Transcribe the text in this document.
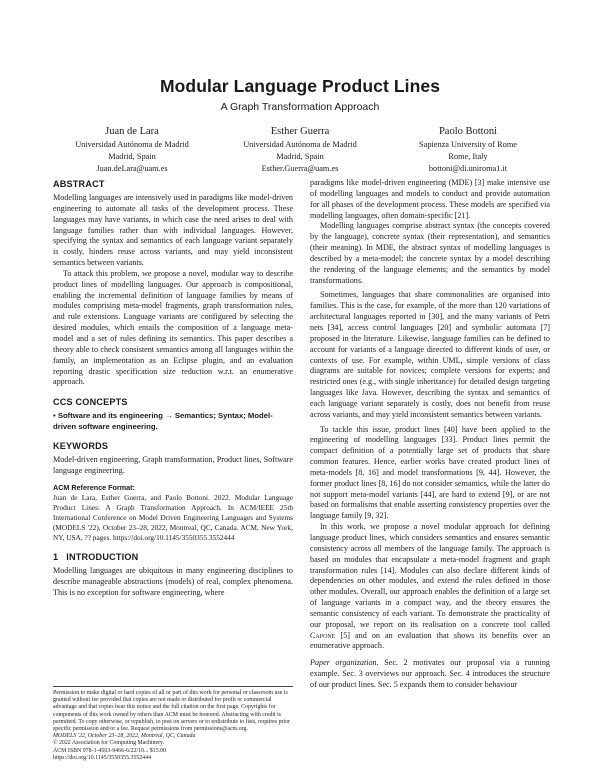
Modular Language Product Lines
A Graph Transformation Approach
Juan de Lara
Universidad Autónoma de Madrid
Madrid, Spain
Juan.deLara@uam.es
Esther Guerra
Universidad Autónoma de Madrid
Madrid, Spain
Esther.Guerra@uam.es
Paolo Bottoni
Sapienza University of Rome
Rome, Italy
bottoni@di.uniroma1.it
ABSTRACT

Modelling languages are intensively used in paradigms like model-driven engineering to automate all tasks of the development process. These languages may have variants, in which case the need arises to deal with language families rather than with individual languages. However, specifying the syntax and semantics of each language variant separately is costly, hinders reuse across variants, and may yield inconsistent semantics between variants.

To attack this problem, we propose a novel, modular way to describe product lines of modelling languages. Our approach is compositional, enabling the incremental definition of language families by means of modules comprising meta-model fragments, graph transformation rules, and rule extensions. Language variants are configured by selecting the desired modules, which entails the composition of a language meta-model and a set of rules defining its semantics. This paper describes a theory able to check consistent semantics among all languages within the family, an implementation as an Eclipse plugin, and an evaluation reporting drastic specification size reduction w.r.t. an enumerative approach.

CCS CONCEPTS
• Software and its engineering → Semantics; Syntax; Model-driven software engineering.
KEYWORDS

Model-driven engineering, Graph transformation, Product lines, Software language engineering.

ACM Reference Format:
Juan de Lara, Esther Guerra, and Paolo Bottoni. 2022. Modular Language Product Lines: A Graph Transformation Approach. In ACM/IEEE 25th International Conference on Model Driven Engineering Languages and Systems (MODELS '22), October 23–28, 2022, Montreal, QC, Canada. ACM, New York, NY, USA, ?? pages. https://doi.org/10.1145/3550355.3552444
1 INTRODUCTION

Modelling languages are ubiquitous in many engineering disciplines to describe manageable abstractions (models) of real, complex phenomena. This is no exception for software engineering, where

Permission to make digital or hard copies of all or part of this work for personal or classroom use is granted without fee provided that copies are not made or distributed for profit or commercial advantage and that copies bear this notice and the full citation on the first page. Copyrights for components of this work owned by others than ACM must be honored. Abstracting with credit is permitted. To copy otherwise, or republish, to post on servers or to redistribute to lists, requires prior specific permission and/or a fee. Request permissions from permissions@acm.org.

MODELS '22, October 23–28, 2022, Montreal, QC, Canada

© 2022 Association for Computing Machinery.

ACM ISBN 978-1-4503-9466-6/22/10... $15.00

https://doi.org/10.1145/3550355.3552444

paradigms like model-driven engineering (MDE) [3] make intensive use of modelling languages and models to conduct and provide automation for all phases of the development process. These models are specified via modelling languages, often domain-specific [21].

Modelling languages comprise abstract syntax (the concepts covered by the language), concrete syntax (their representation), and semantics (their meaning). In MDE, the abstract syntax of modelling languages is described by a meta-model; the concrete syntax by a model describing the rendering of the language elements; and the semantics by model transformations.

Sometimes, languages that share commonalities are organised into families. This is the case, for example, of the more than 120 variations of architectural languages reported in [30], and the many variants of Petri nets [34], access control languages [20] and symbolic automata [7] proposed in the literature. Likewise, language families can be defined to account for variants of a language directed to different kinds of user, or contexts of use. For example, within UML, simple versions of class diagrams are suitable for novices; complete versions for experts; and restricted ones (e.g., with single inheritance) for detailed design targeting languages like Java. However, describing the syntax and semantics of each language variant separately is costly, does not benefit from reuse across variants, and may yield inconsistent semantics between variants.

To tackle this issue, product lines [40] have been applied to the engineering of modelling languages [33]. Product lines permit the compact definition of a potentially large set of products that share common features. Hence, earlier works have created product lines of meta-models [8, 16] and model transformations [9, 44]. However, the former product lines [8, 16] do not consider semantics, while the latter do not support meta-model variants [44], are hard to extend [9], or are not based on formalisms that enable asserting consistency properties over the language family [9, 32].

In this work, we propose a novel modular approach for defining language product lines, which considers semantics and ensures semantic consistency across all members of the language family. The approach is based on modules that encapsulate a meta-model fragment and graph transformation rules [14]. Modules can also declare different kinds of dependencies on other modules, and extend the rules defined in those other modules. Overall, our approach enables the definition of a large set of language variants in a compact way, and the theory ensures the semantic consistency of each variant. To demonstrate the practicality of our proposal, we report on its realisation on a concrete tool called Capone [5] and on an evaluation that shows its benefits over an enumerative approach.

Paper organization. Sec. 2 motivates our proposal via a running example. Sec. 3 overviews our approach. Sec. 4 introduces the structure of our product lines. Sec. 5 expands them to consider behaviour
